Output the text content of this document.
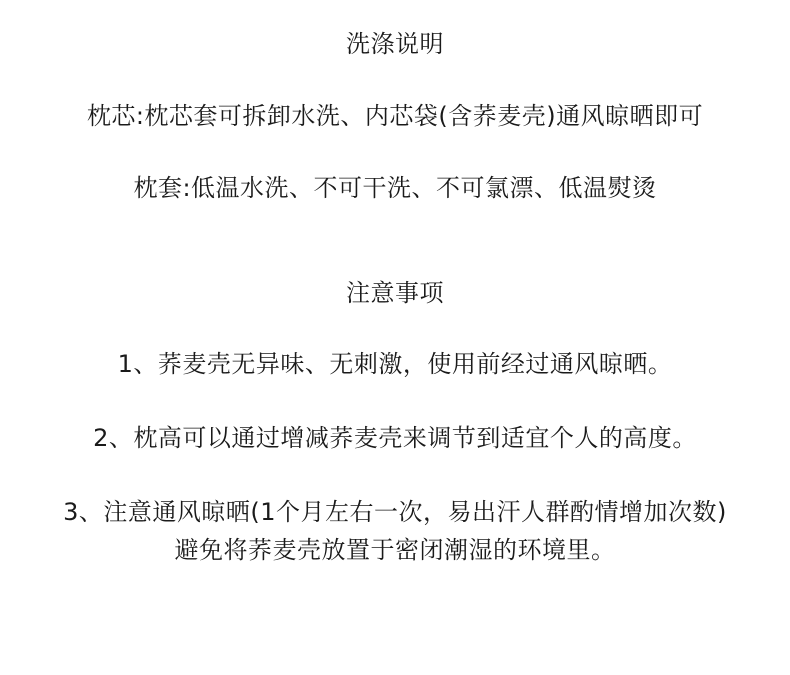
洗涤说明
枕芯:枕芯套可拆卸水洗、内芯袋(含荞麦壳)通风晾晒即可
枕套:低温水洗、不可干洗、不可氯漂、低温熨烫
注意事项
1、荞麦壳无异味、无刺激，使用前经过通风晾晒。
2、枕高可以通过增减荞麦壳来调节到适宜个人的高度。
3、注意通风晾晒(1个月左右一次，易出汗人群酌情增加次数)
避免将荞麦壳放置于密闭潮湿的环境里。
